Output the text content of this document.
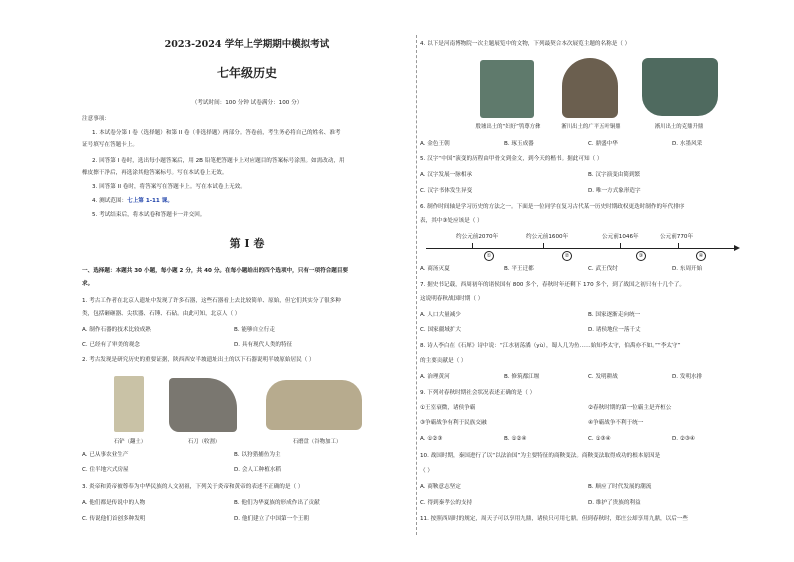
2023-2024 学年上学期期中模拟考试
七年级历史
（考试时间：100 分钟 试卷满分：100 分）
注意事项：
1. 本试卷分第 I 卷（选择题）和第 II 卷（非选择题）两部分。答卷前，考生务必将自己的姓名、准考
证号填写在答题卡上。
2. 回答第 I 卷时，选出每小题答案后，用 2B 铅笔把答题卡上对应题目的答案标号涂黑。如需改动，用
橡皮擦干净后，再选涂其他答案标号。写在本试卷上无效。
3. 回答第 II 卷时，将答案写在答题卡上。写在本试卷上无效。
4. 测试范围：七上第 1-11 课。
5. 考试结束后，将本试卷和答题卡一并交回。
第 I 卷
一、选择题：本题共 30 小题，每小题 2 分，共 40 分。在每小题给出的四个选项中，只有一项符合题目要
求。
1. 考古工作者在北京人遗址中发现了许多石器，这些石器看上去比较简单、原始，但它们其实分了很多种
类，包括砸砸器、尖状器、石锤、石砧。由此可知，北京人（ ）
A. 制作石器的技术比较成熟	B. 能够自立行走
C. 已经有了审美的观念	D. 具有现代人类的特征
2. 考古发现是研究历史的重要证据，陕西西安半坡遗址出土的以下石器说明半坡原始居民（ ）
石铲（翻土）	石刀（收割）	石磨盘（谷物加工）
A. 已从事农业生产	B. 以狩猎捕鱼为主
C. 住半地穴式房屋	D. 会人工种植水稻
3. 炎帝和黄帝被尊奉为中华民族的人文初祖，下列关于炎帝和黄帝的表述不正确的是（ ）
A. 他们都是传说中的人物	B. 他们为华夏族的形成作出了贡献
C. 传说他们首创多种发明	D. 他们建立了中国第一个王朝
4. 以下是河南博物院一次主题展览中的文物，下列最契合本次展览主题的名称是（ ）
殷墟出土的“妇好”鸮尊方彝	淅川出土的广平五叶铜鼎	淅川出土的克鼎升鼎
A. 金色王朝	B. 琢玉成器	C. 鼎盛中华	D. 水墨风采
5. 汉字“中国”演变的历程由甲骨文到金文，到今天的楷书。据此可知（ ）
A. 汉字发展一脉相承	B. 汉字演变由简到繁
C. 汉字书体发生异变	D. 唯一方式象形造字
6. 制作时间轴是学习历史的方法之一。下面是一位同学在复习古代某一历史时期政权更迭时制作的年代排序
表，其中③处应该是（ ）
约公元前2070年	约公元前1600年	公元前1046年	公元前770年
①	②	③	④
A. 商汤灭夏	B. 平王迁都	C. 武王伐纣	D. 东周开始
7. 据史书记载，西周初年的诸侯国有 800 多个，春秋时年还剩下 170 多个，到了战国之初只有十几个了。
这说明春秋战国时期（ ）
A. 人口大量减少	B. 国家逐渐走向统一
C. 国家疆域扩大	D. 诸侯地位一落千丈
8. 诗人李白在《石犀》诗中说：“江水初荡潏（yù），蜀人几为鱼……始知李太守，伯禹亦不如。”“李太守”
的主要贡献是（ ）
A. 治理黄河	B. 修筑都江堰	C. 发明耕战	D. 发明水排
9. 下列对春秋时期社会状况表述正确的是（ ）
①王室衰微，诸侯争霸	②春秋时期的第一位霸主是齐桓公
③争霸战争有利于民族交融	④争霸战争不利于统一
A. ①②③	B. ①②④	C. ①③④	D. ②③④
10. 战国时期，秦国进行了以“以法治国”为主要特征的商鞅变法。商鞅变法取得成功的根本原因是
（ ）
A. 商鞅意志坚定	B. 顺应了时代发展的潮流
C. 得到秦孝公的支持	D. 维护了贵族的利益
11. 按照西周时的规定，周天子可以享用九鼎，诸侯只可用七鼎。但到春秋时，郑庄公却享用九鼎，以后一些
